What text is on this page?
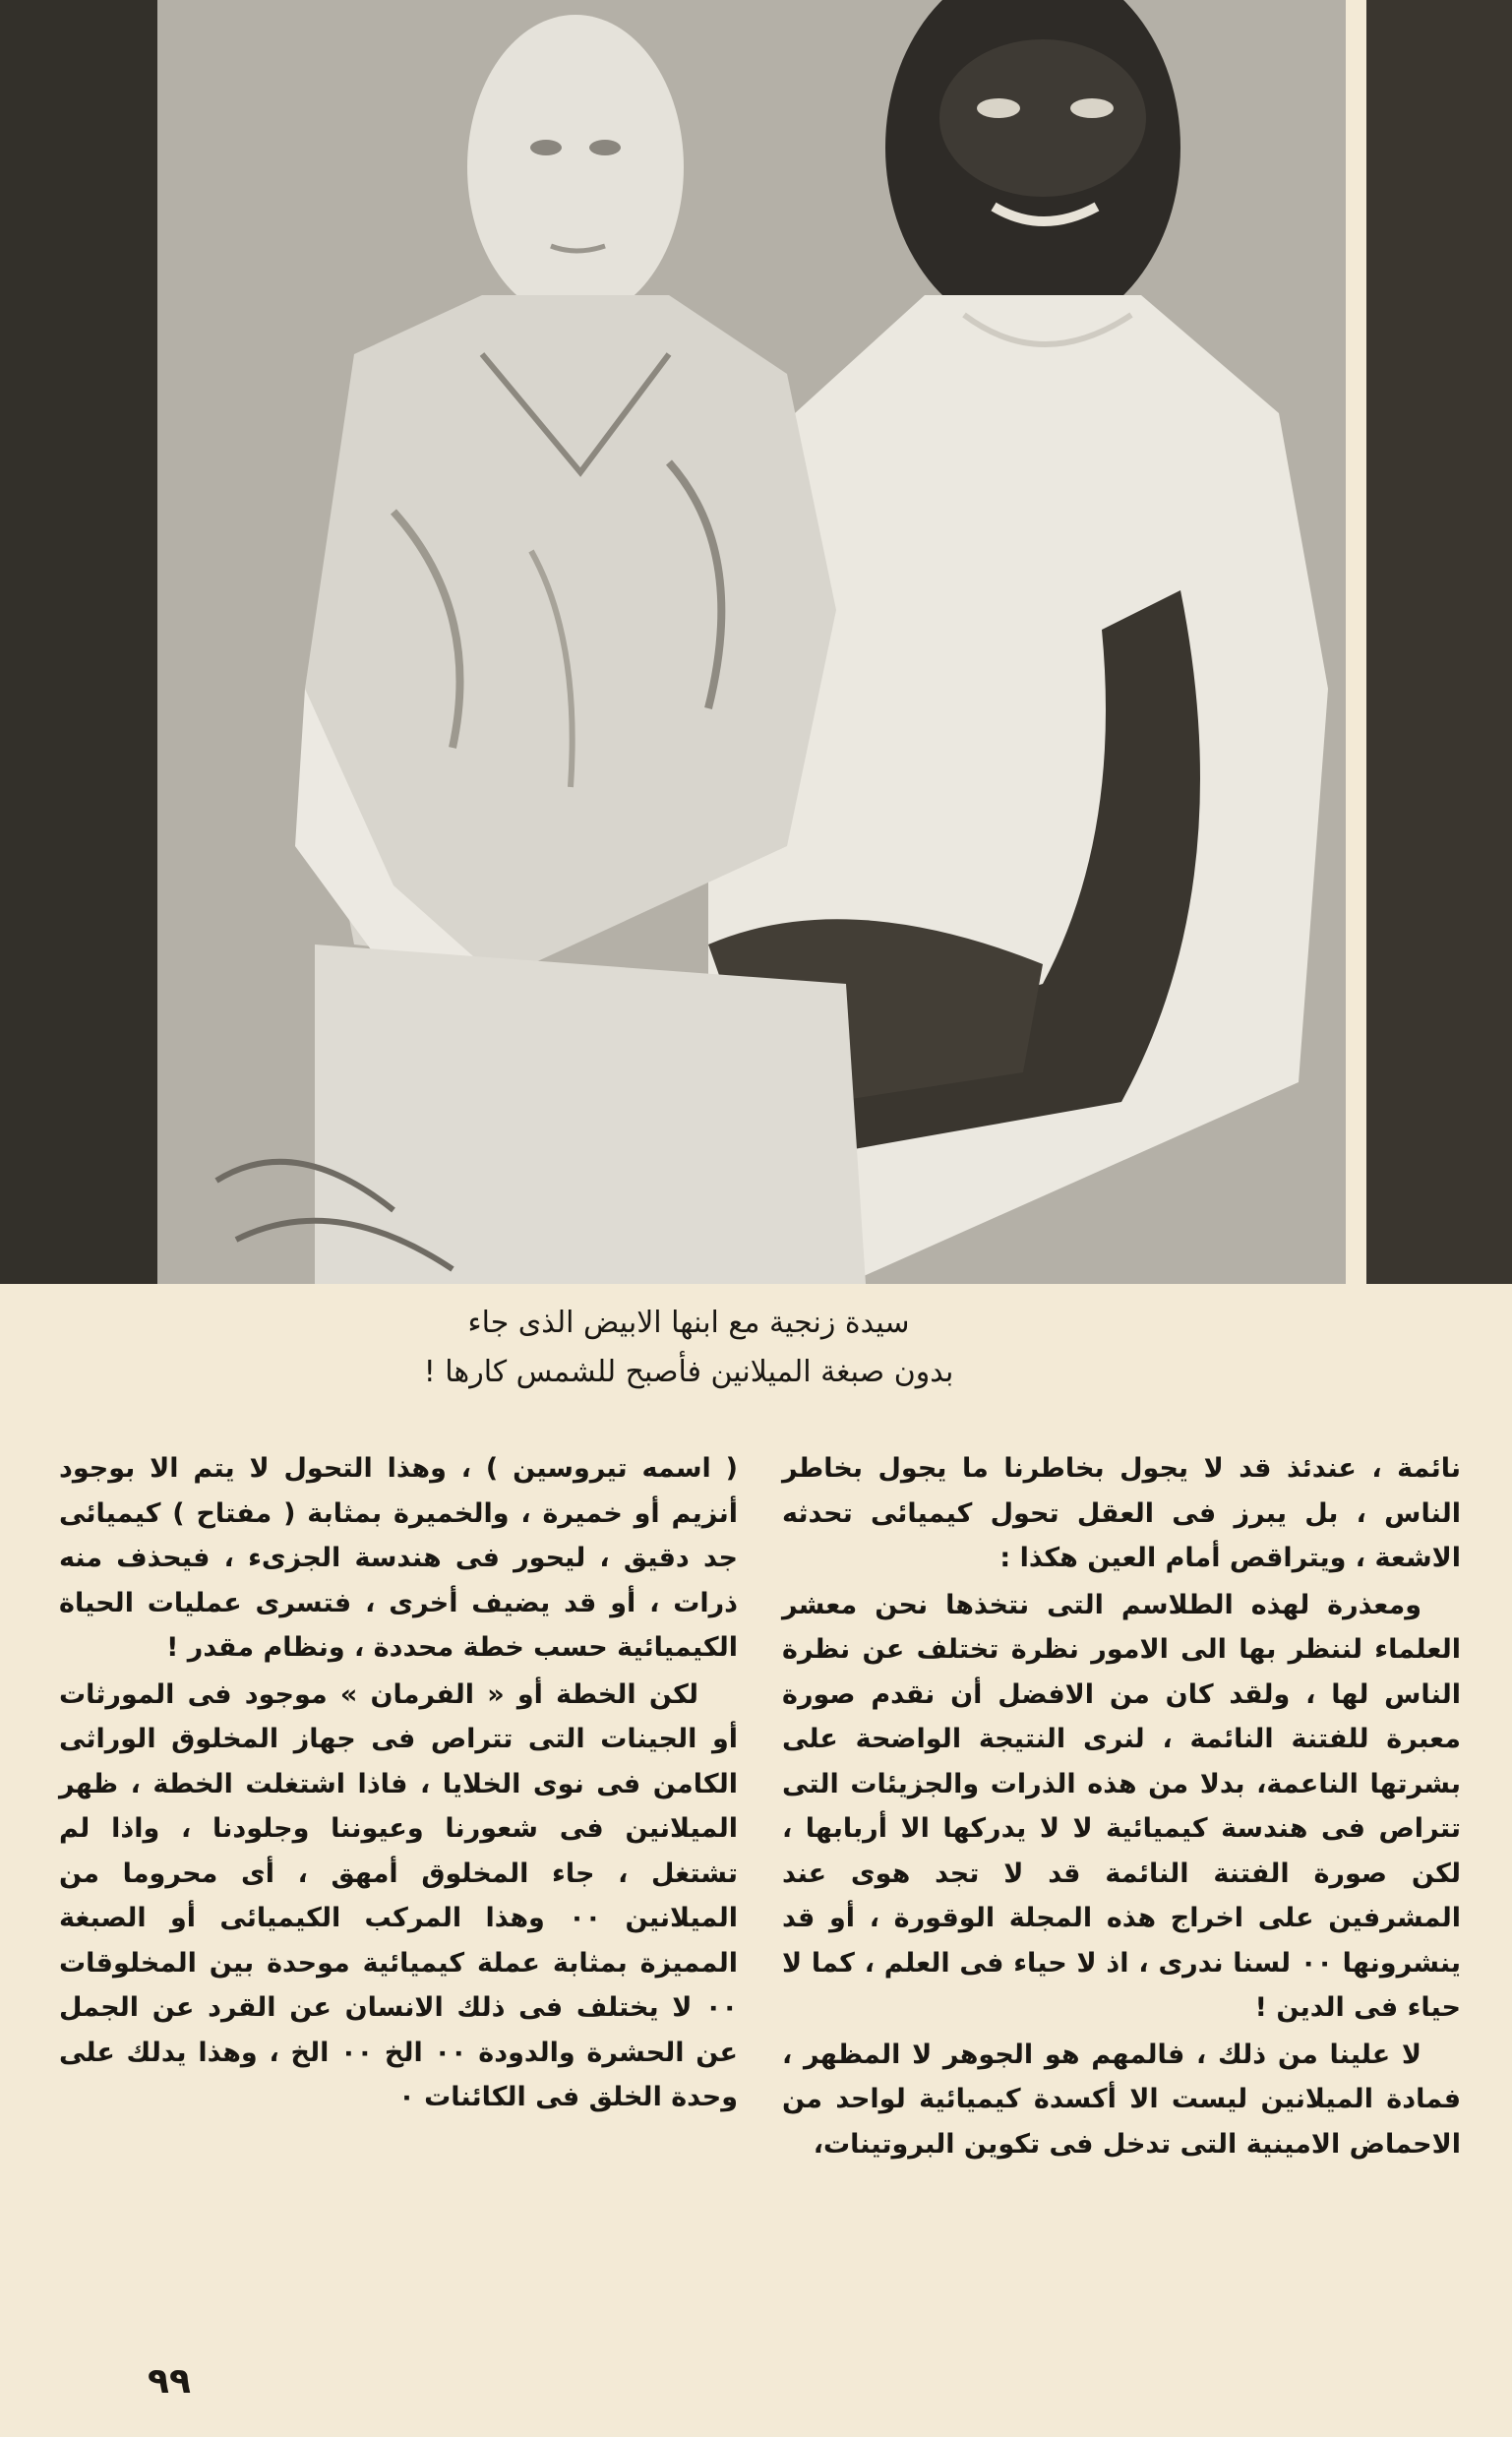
سيدة زنجية مع ابنها الابيض الذى جاء
بدون صبغة الميلانين فأصبح للشمس كارها !

نائمة ، عندئذ قد لا يجول بخاطرنا ما يجول بخاطر الناس ، بل يبرز فى العقل تحول كيميائى تحدثه الاشعة ، ويتراقص أمام العين هكذا :

ومعذرة لهذه الطلاسم التى نتخذها نحن معشر العلماء لننظر بها الى الامور نظرة تختلف عن نظرة الناس لها ، ولقد كان من الافضل أن نقدم صورة معبرة للفتنة النائمة ، لنرى النتيجة الواضحة على بشرتها الناعمة، بدلا من هذه الذرات والجزيئات التى تتراص فى هندسة كيميائية لا لا يدركها الا أربابها ، لكن صورة الفتنة النائمة قد لا تجد هوى عند المشرفين على اخراج هذه المجلة الوقورة ، أو قد ينشرونها ٠٠ لسنا ندرى ، اذ لا حياء فى العلم ، كما لا حياء فى الدين !

لا علينا من ذلك ، فالمهم هو الجوهر لا المظهر ، فمادة الميلانين ليست الا أكسدة كيميائية لواحد من الاحماض الامينية التى تدخل فى تكوين البروتينات،

( اسمه تيروسين ) ، وهذا التحول لا يتم الا بوجود أنزيم أو خميرة ، والخميرة بمثابة ( مفتاح ) كيميائى جد دقيق ، ليحور فى هندسة الجزىء ، فيحذف منه ذرات ، أو قد يضيف أخرى ، فتسرى عمليات الحياة الكيميائية حسب خطة محددة ، ونظام مقدر !

لكن الخطة أو « الفرمان » موجود فى المورثات أو الجينات التى تتراص فى جهاز المخلوق الوراثى الكامن فى نوى الخلايا ، فاذا اشتغلت الخطة ، ظهر الميلانين فى شعورنا وعيوننا وجلودنا ، واذا لم تشتغل ، جاء المخلوق أمهق ، أى محروما من الميلانين ٠٠ وهذا المركب الكيميائى أو الصبغة المميزة بمثابة عملة كيميائية موحدة بين المخلوقات ٠٠ لا يختلف فى ذلك الانسان عن القرد عن الجمل عن الحشرة والدودة ٠٠ الخ ٠٠ الخ ، وهذا يدلك على وحدة الخلق فى الكائنات ٠

٩٩
